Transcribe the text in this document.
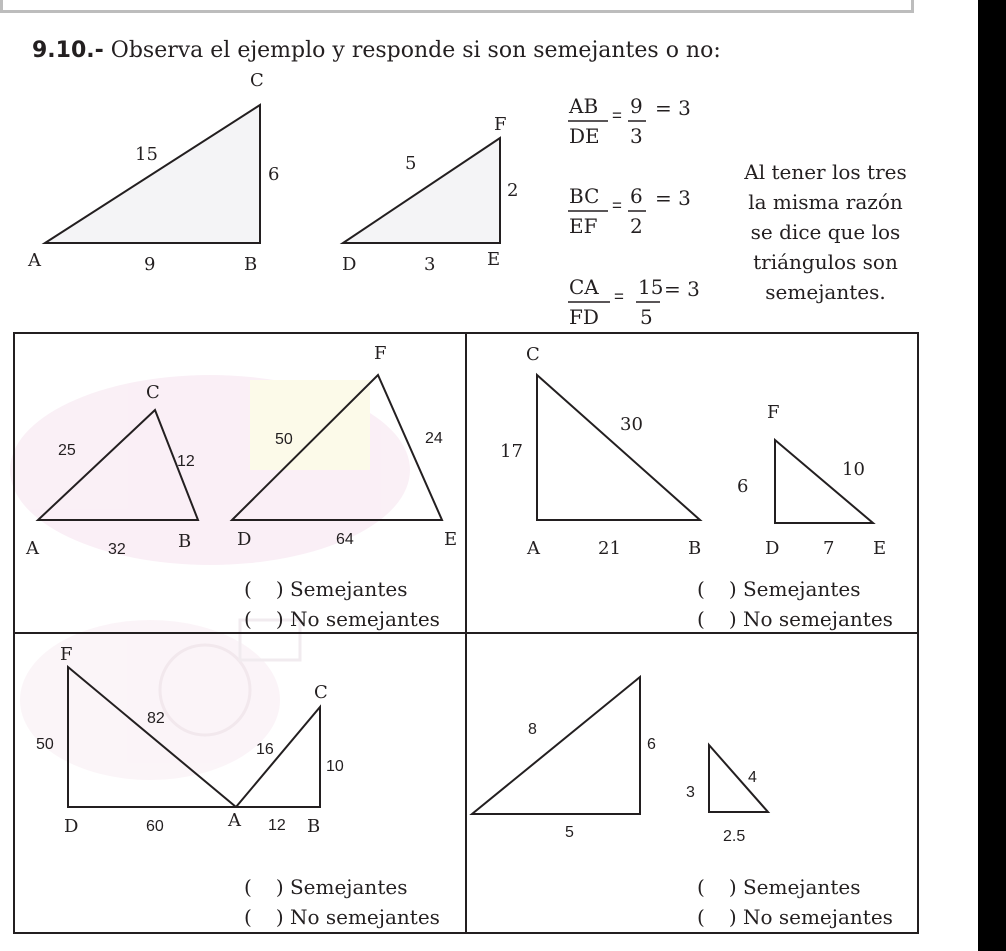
9.10.- Observa el ejemplo y responde si son semejantes o no:
C
A	B
15
6
9
F
D	E
5
2
3
AB
DE
= 9
3
= 3
BC
EF
= 6
2
= 3
CA
FD
= 15
5
= 3
Al tener los tres
la misma razón
se dice que los
triángulos son
semejantes.
C
A	B
25
12
32
F
D	E
50	24
64
C
A	B
17
30
21
F
D	E
6
10
7
F
D
50
82
60	A	B
C
16
10
12
8
6
5
3
4
2.5
( ) Semejantes
( ) No semejantes
( ) Semejantes
( ) No semejantes
( ) Semejantes
( ) No semejantes
( ) Semejantes
( ) No semejantes
